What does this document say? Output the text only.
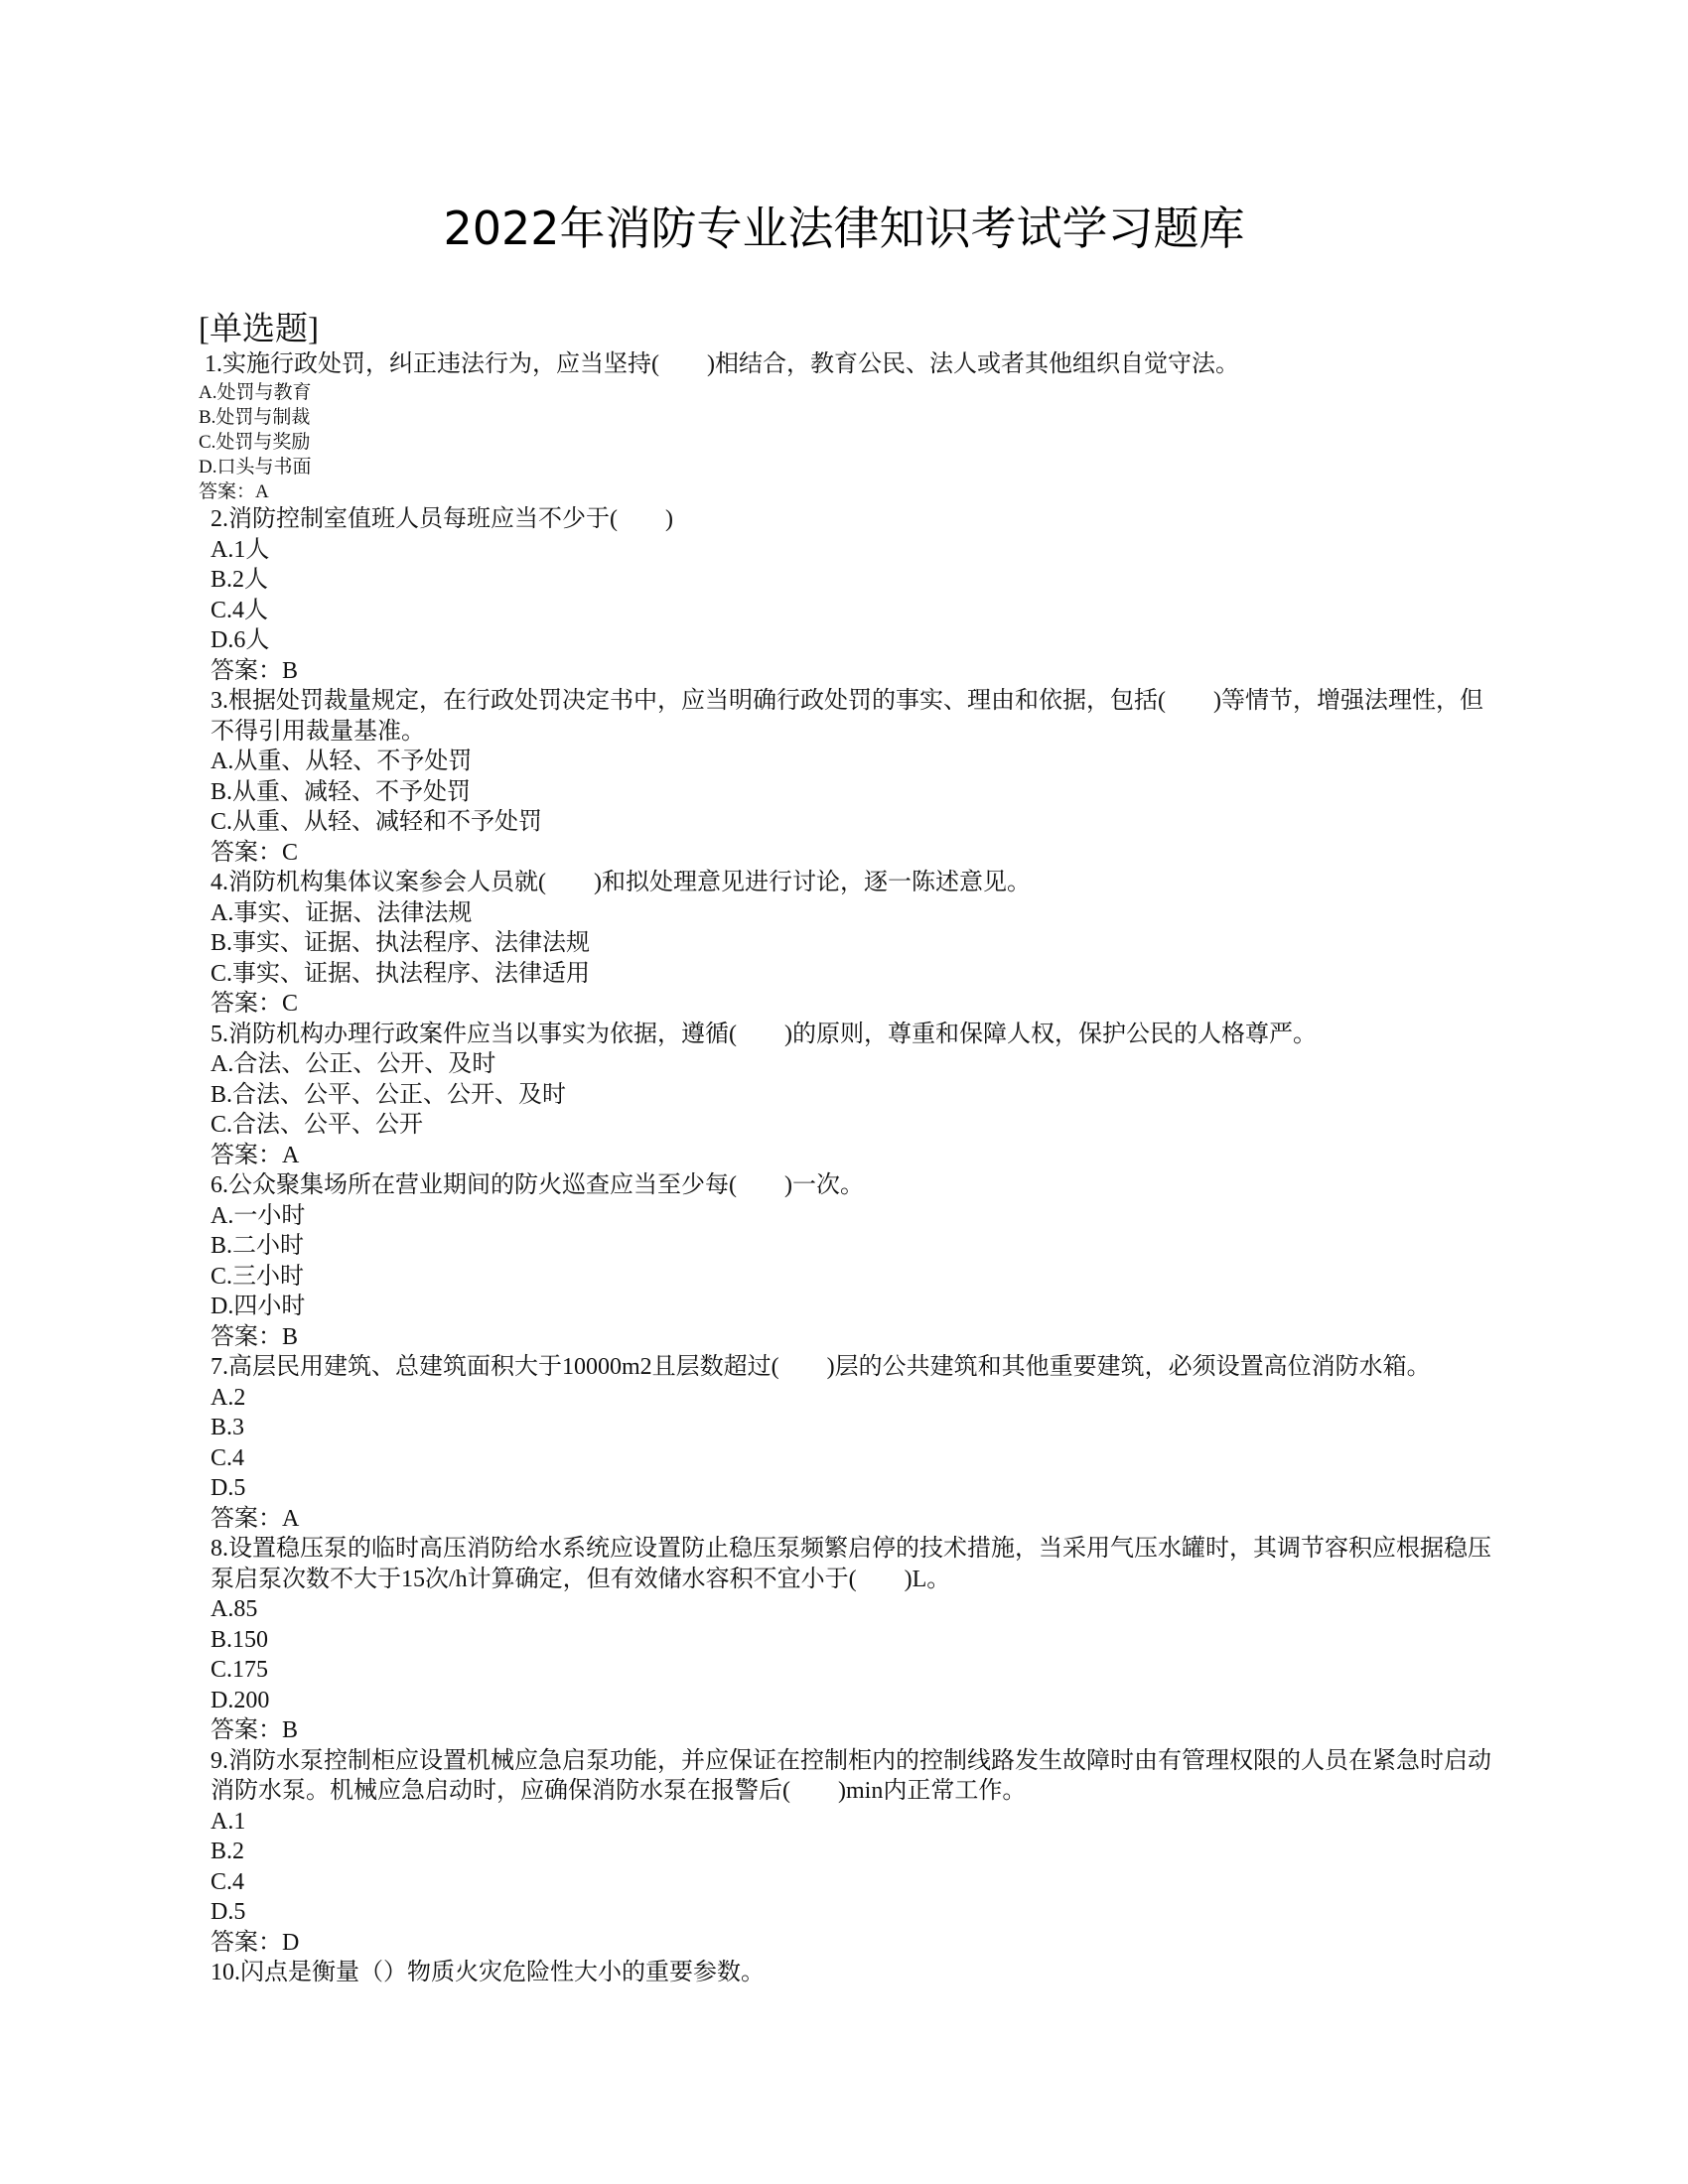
2022年消防专业法律知识考试学习题库
[单选题]
1.实施行政处罚，纠正违法行为，应当坚持(　　)相结合，教育公民、法人或者其他组织自觉守法。
A.处罚与教育
B.处罚与制裁
C.处罚与奖励
D.口头与书面
答案：A
2.消防控制室值班人员每班应当不少于(　　)
A.1人
B.2人
C.4人
D.6人
答案：B
3.根据处罚裁量规定，在行政处罚决定书中，应当明确行政处罚的事实、理由和依据，包括(　　)等情节，增强法理性，但不得引用裁量基准。
A.从重、从轻、不予处罚
B.从重、减轻、不予处罚
C.从重、从轻、减轻和不予处罚
答案：C
4.消防机构集体议案参会人员就(　　)和拟处理意见进行讨论，逐一陈述意见。
A.事实、证据、法律法规
B.事实、证据、执法程序、法律法规
C.事实、证据、执法程序、法律适用
答案：C
5.消防机构办理行政案件应当以事实为依据，遵循(　　)的原则，尊重和保障人权，保护公民的人格尊严。
A.合法、公正、公开、及时
B.合法、公平、公正、公开、及时
C.合法、公平、公开
答案：A
6.公众聚集场所在营业期间的防火巡查应当至少每(　　)一次。
A.一小时
B.二小时
C.三小时
D.四小时
答案：B
7.高层民用建筑、总建筑面积大于10000m2且层数超过(　　)层的公共建筑和其他重要建筑，必须设置高位消防水箱。
A.2
B.3
C.4
D.5
答案：A
8.设置稳压泵的临时高压消防给水系统应设置防止稳压泵频繁启停的技术措施，当采用气压水罐时，其调节容积应根据稳压泵启泵次数不大于15次/h计算确定，但有效储水容积不宜小于(　　)L。
A.85
B.150
C.175
D.200
答案：B
9.消防水泵控制柜应设置机械应急启泵功能，并应保证在控制柜内的控制线路发生故障时由有管理权限的人员在紧急时启动消防水泵。机械应急启动时，应确保消防水泵在报警后(　　)min内正常工作。
A.1
B.2
C.4
D.5
答案：D
10.闪点是衡量（）物质火灾危险性大小的重要参数。
